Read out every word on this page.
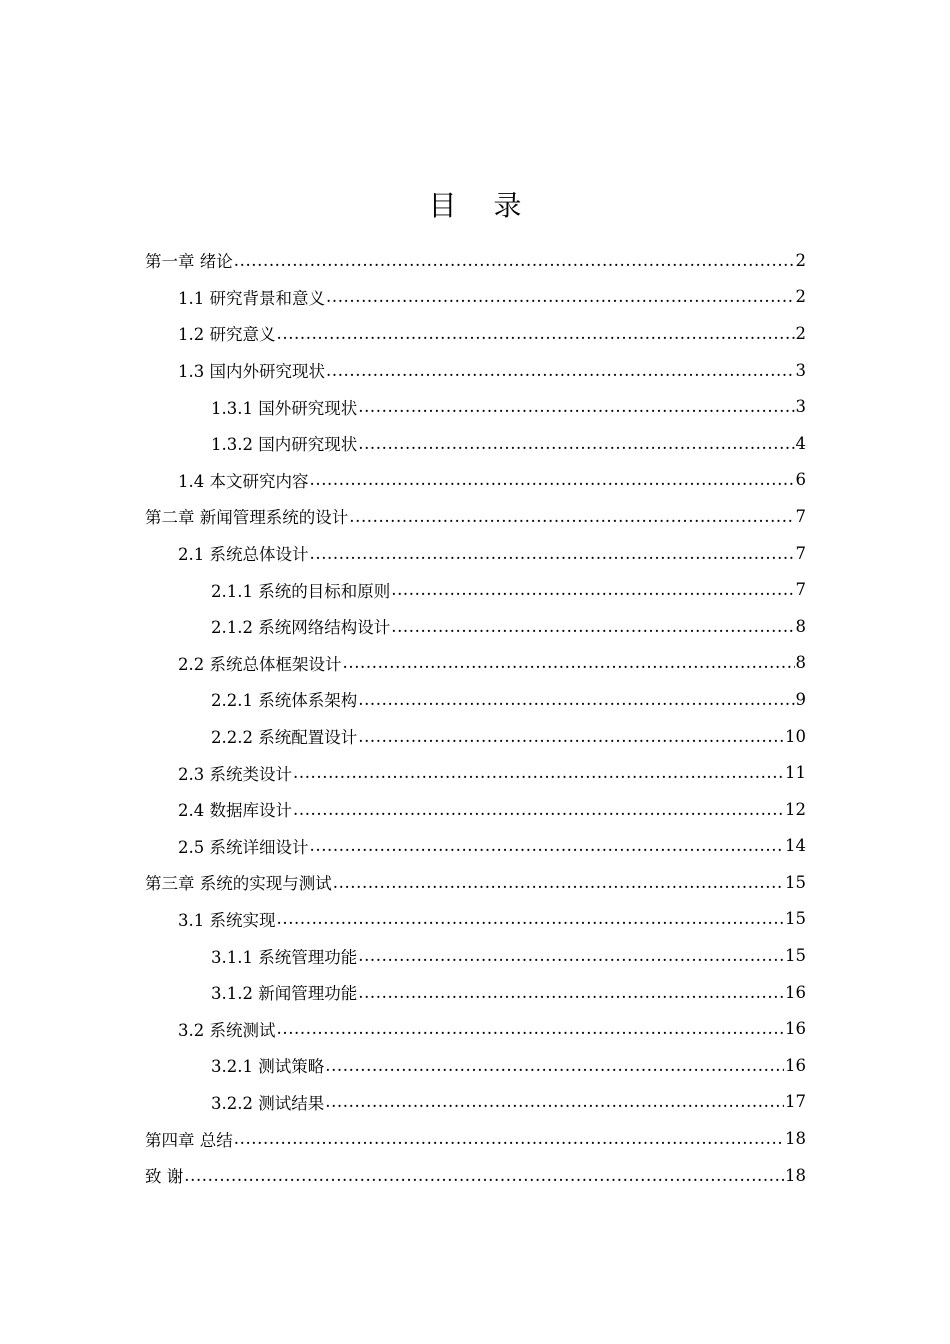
目 录
第一章 绪论 .....	2
1.1 研究背景和意义 .....	2
1.2 研究意义 .....	2
1.3 国内外研究现状 .....	3
1.3.1 国外研究现状 .....	3
1.3.2 国内研究现状 .....	4
1.4 本文研究内容 .....	6
第二章 新闻管理系统的设计 .....	7
2.1 系统总体设计 .....	7
2.1.1 系统的目标和原则 .....	7
2.1.2 系统网络结构设计 .....	8
2.2 系统总体框架设计 .....	8
2.2.1 系统体系架构 .....	9
2.2.2 系统配置设计 .....	10
2.3 系统类设计 .....	11
2.4 数据库设计 .....	12
2.5 系统详细设计 .....	14
第三章 系统的实现与测试 .....	15
3.1 系统实现 .....	15
3.1.1 系统管理功能 .....	15
3.1.2 新闻管理功能 .....	16
3.2 系统测试 .....	16
3.2.1 测试策略 .....	16
3.2.2 测试结果 .....	17
第四章 总结 .....	18
致 谢 .....	18
